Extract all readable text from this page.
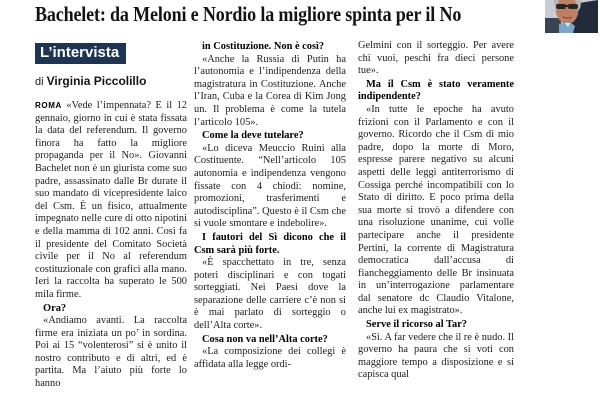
Bachelet: da Meloni e Nordio la migliore spinta per il No
L’intervista
di Virginia Piccolillo

ROMA «Vede l’impennata? È il 12 gennaio, giorno in cui è stata fissata la data del referendum. Il governo finora ha fatto la migliore propaganda per il No». Giovanni Bachelet non è un giurista come suo padre, assassinato dalle Br durate il suo mandato di vicepresidente laico del Csm. È un fisico, attualmente impegnato nelle cure di otto nipotini e della mamma di 102 anni. Così fa il presidente del Comitato Società civile per il No al referendum costituzionale con grafici alla mano. Ieri la raccolta ha superato le 500 mila firme.

Ora?

«Andiamo avanti. La raccolta firme era iniziata un po’ in sordina. Poi ai 15 “volenterosi” si è unito il nostro contributo e di altri, ed è partita. Ma l’aiuto più forte lo hanno

in Costituzione. Non è così?

«Anche la Russia di Putin ha l’autonomia e l’indipendenza della magistratura in Costituzione. Anche l’Iran, Cuba e la Corea di Kim Jong un. Il problema è come la tutela l’articolo 105».

Come la deve tutelare?

«Lo diceva Meuccio Ruini alla Costituente. “Nell’articolo 105 autonomia e indipendenza vengono fissate con 4 chiodi: nomine, promozioni, trasferimenti e autodisciplina”. Questo è il Csm che si vuole smontare e indebolire».

I fautori del Sì dicono che il Csm sarà più forte.

«È spacchettato in tre, senza poteri disciplinari e con togati sorteggiati. Nei Paesi dove la separazione delle carriere c’è non si è mai parlato di sorteggio o dell’Alta corte».

Cosa non va nell’Alta corte?

«La composizione dei collegi è affidata alla legge ordi-

Gelmini con il sorteggio. Per avere chi vuoi, peschi fra dieci persone tue».

Ma il Csm è stato veramente indipendente?

«In tutte le epoche ha avuto frizioni con il Parlamento e con il governo. Ricordo che il Csm di mio padre, dopo la morte di Moro, espresse parere negativo su alcuni aspetti delle leggi antiterrorismo di Cossiga perché incompatibili con lo Stato di diritto. E poco prima della sua morte si trovò a difendere con una risoluzione unanime, cui volle partecipare anche il presidente Pertini, la corrente di Magistratura democratica dall’accusa di fiancheggiamento delle Br insinuata in un’interrogazione parlamentare dal senatore dc Claudio Vitalone, anche lui ex magistrato».

Serve il ricorso al Tar?

«Sì. A far vedere che il re è nudo. Il governo ha paura che si voti con maggiore tempo a disposizione e si capisca qual
